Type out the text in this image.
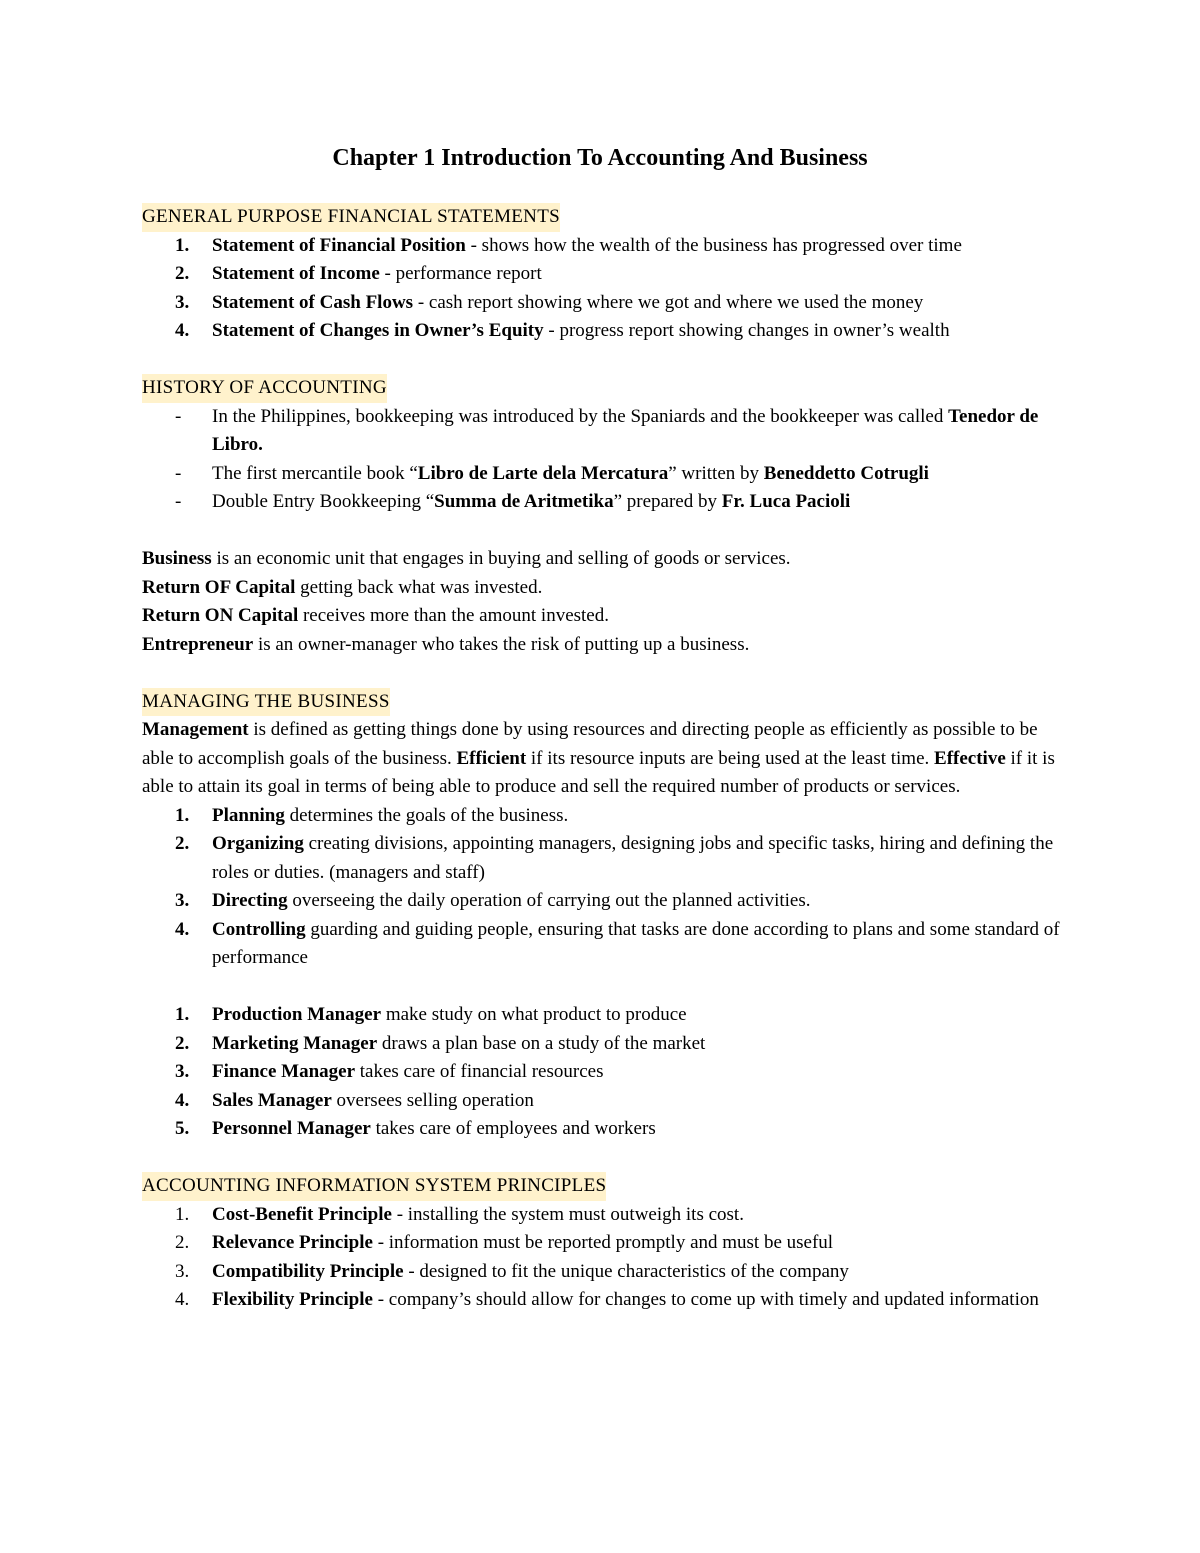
Chapter 1 Introduction To Accounting And Business
GENERAL PURPOSE FINANCIAL STATEMENTS
1.	Statement of Financial Position - shows how the wealth of the business has progressed over time
2.	Statement of Income - performance report
3.	Statement of Cash Flows - cash report showing where we got and where we used the money
4.	Statement of Changes in Owner’s Equity - progress report showing changes in owner’s wealth
HISTORY OF ACCOUNTING
-	In the Philippines, bookkeeping was introduced by the Spaniards and the bookkeeper was called Tenedor de Libro.
-	The first mercantile book “Libro de Larte dela Mercatura” written by Beneddetto Cotrugli
-	Double Entry Bookkeeping “Summa de Aritmetika” prepared by Fr. Luca Pacioli

Business is an economic unit that engages in buying and selling of goods or services.

Return OF Capital getting back what was invested.

Return ON Capital receives more than the amount invested.

Entrepreneur is an owner-manager who takes the risk of putting up a business.

MANAGING THE BUSINESS

Management is defined as getting things done by using resources and directing people as efficiently as possible to be able to accomplish goals of the business. Efficient if its resource inputs are being used at the least time. Effective if it is able to attain its goal in terms of being able to produce and sell the required number of products or services.

1.	Planning determines the goals of the business.
2.	Organizing creating divisions, appointing managers, designing jobs and specific tasks, hiring and defining the roles or duties. (managers and staff)
3.	Directing overseeing the daily operation of carrying out the planned activities.
4.	Controlling guarding and guiding people, ensuring that tasks are done according to plans and some standard of performance
1.	Production Manager make study on what product to produce
2.	Marketing Manager draws a plan base on a study of the market
3.	Finance Manager takes care of financial resources
4.	Sales Manager oversees selling operation
5.	Personnel Manager takes care of employees and workers
ACCOUNTING INFORMATION SYSTEM PRINCIPLES
1.	Cost-Benefit Principle - installing the system must outweigh its cost.
2.	Relevance Principle - information must be reported promptly and must be useful
3.	Compatibility Principle - designed to fit the unique characteristics of the company
4.	Flexibility Principle - company’s should allow for changes to come up with timely and updated information
